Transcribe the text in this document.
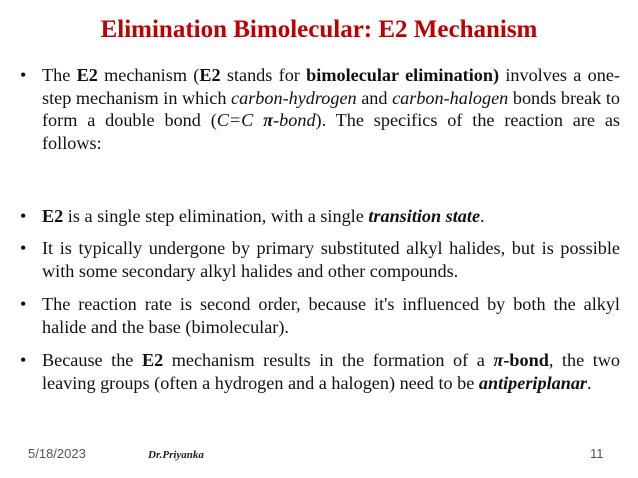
Elimination Bimolecular: E2 Mechanism
• The E2 mechanism (E2 stands for bimolecular elimination) involves a one-step mechanism in which carbon-hydrogen and carbon-halogen bonds break to form a double bond (C=C π-bond). The specifics of the reaction are as follows:
• E2 is a single step elimination, with a single transition state.
• It is typically undergone by primary substituted alkyl halides, but is possible with some secondary alkyl halides and other compounds.
• The reaction rate is second order, because it's influenced by both the alkyl halide and the base (bimolecular).
• Because the E2 mechanism results in the formation of a π-bond, the two leaving groups (often a hydrogen and a halogen) need to be antiperiplanar.
5/18/2023	Dr.Priyanka	11
